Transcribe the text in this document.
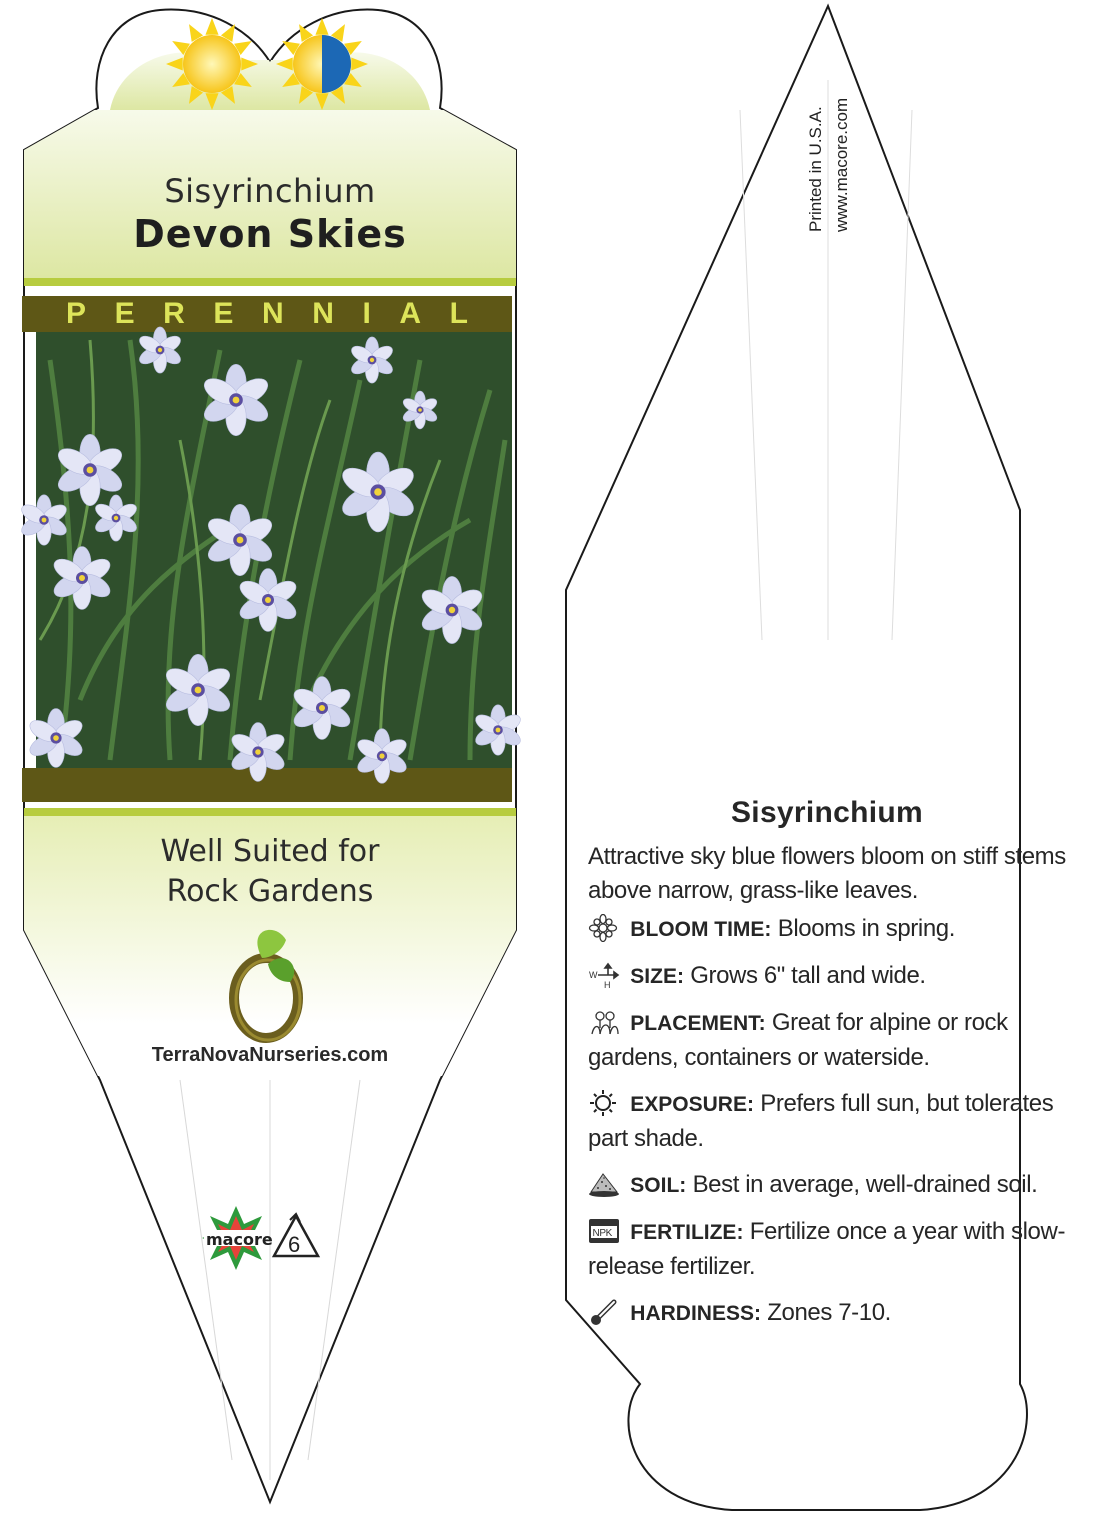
Sisyrinchium
Devon Skies
P E R E N N I A L
Well Suited for
Rock Gardens
TerraNovaNurseries.com
macore 6
Printed in U.S.A. www.macore.com
Sisyrinchium

Attractive sky blue flowers bloom on stiff stems above narrow, grass-like leaves.

BLOOM TIME: Blooms in spring.
W
H SIZE: Grows 6" tall and wide.
PLACEMENT: Great for alpine or rock gardens, containers or waterside.
EXPOSURE: Prefers full sun, but tolerates part shade.
SOIL: Best in average, well-drained soil.
NPK FERTILIZE: Fertilize once a year with slow-release fertilizer.
HARDINESS: Zones 7-10.
